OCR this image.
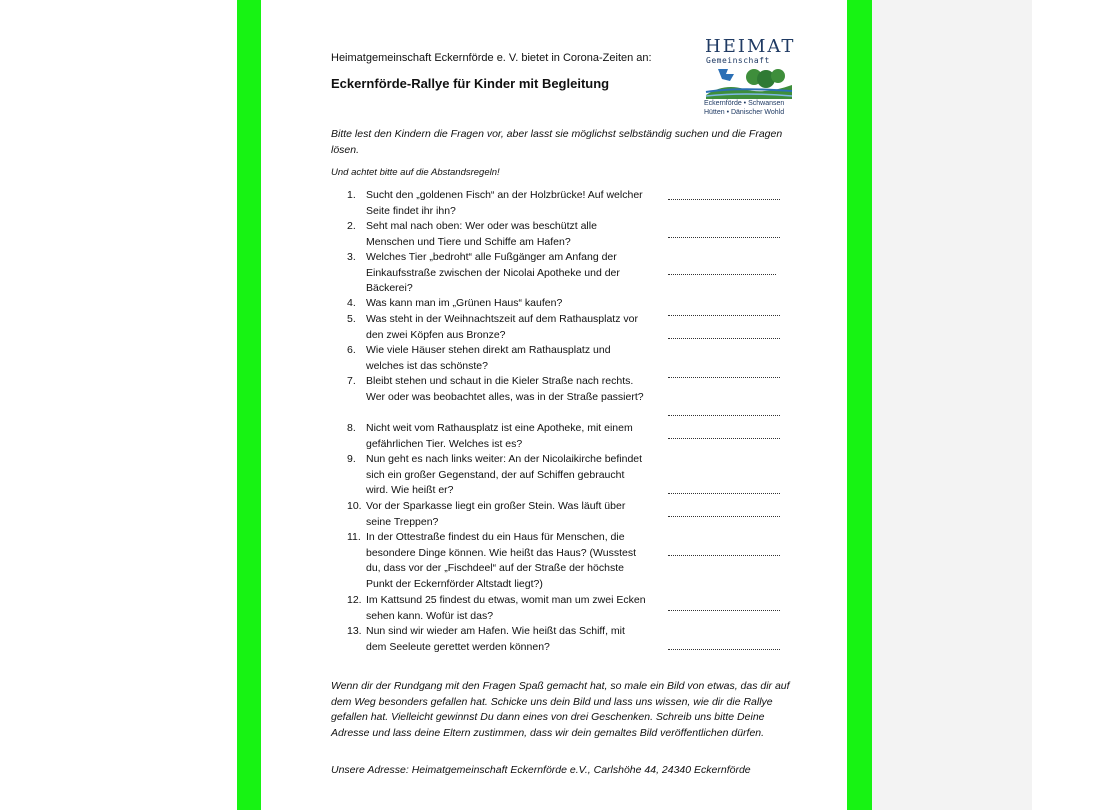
Heimatgemeinschaft Eckernförde e. V. bietet in Corona-Zeiten an:
Eckernförde-Rallye für Kinder mit Begleitung
HEIMAT
Gemeinschaft
Eckernförde • Schwansen
Hütten • Dänischer Wohld
Bitte lest den Kindern die Fragen vor, aber lasst sie möglichst selbständig suchen und die Fragen lösen.
Und achtet bitte auf die Abstandsregeln!
1. Sucht den „goldenen Fisch“ an der Holzbrücke! Auf welcher Seite findet ihr ihn?
2. Seht mal nach oben: Wer oder was beschützt alle Menschen und Tiere und Schiffe am Hafen?
3. Welches Tier „bedroht“ alle Fußgänger am Anfang der Einkaufsstraße zwischen der Nicolai Apotheke und der Bäckerei?
4. Was kann man im „Grünen Haus“ kaufen?
5. Was steht in der Weihnachtszeit auf dem Rathausplatz vor den zwei Köpfen aus Bronze?
6. Wie viele Häuser stehen direkt am Rathausplatz und welches ist das schönste?
7. Bleibt stehen und schaut in die Kieler Straße nach rechts. Wer oder was beobachtet alles, was in der Straße passiert?
8. Nicht weit vom Rathausplatz ist eine Apotheke, mit einem gefährlichen Tier. Welches ist es?
9. Nun geht es nach links weiter: An der Nicolaikirche befindet sich ein großer Gegenstand, der auf Schiffen gebraucht wird. Wie heißt er?
10. Vor der Sparkasse liegt ein großer Stein. Was läuft über seine Treppen?
11. In der Ottestraße findest du ein Haus für Menschen, die besondere Dinge können. Wie heißt das Haus? (Wusstest du, dass vor der „Fischdeel“ auf der Straße der höchste Punkt der Eckernförder Altstadt liegt?)
12. Im Kattsund 25 findest du etwas, womit man um zwei Ecken sehen kann. Wofür ist das?
13. Nun sind wir wieder am Hafen. Wie heißt das Schiff, mit dem Seeleute gerettet werden können?
Wenn dir der Rundgang mit den Fragen Spaß gemacht hat, so male ein Bild von etwas, das dir auf dem Weg besonders gefallen hat. Schicke uns dein Bild und lass uns wissen, wie dir die Rallye gefallen hat. Vielleicht gewinnst Du dann eines von drei Geschenken. Schreib uns bitte Deine Adresse und lass deine Eltern zustimmen, dass wir dein gemaltes Bild veröffentlichen dürfen.
Unsere Adresse: Heimatgemeinschaft Eckernförde e.V., Carlshöhe 44, 24340 Eckernförde
